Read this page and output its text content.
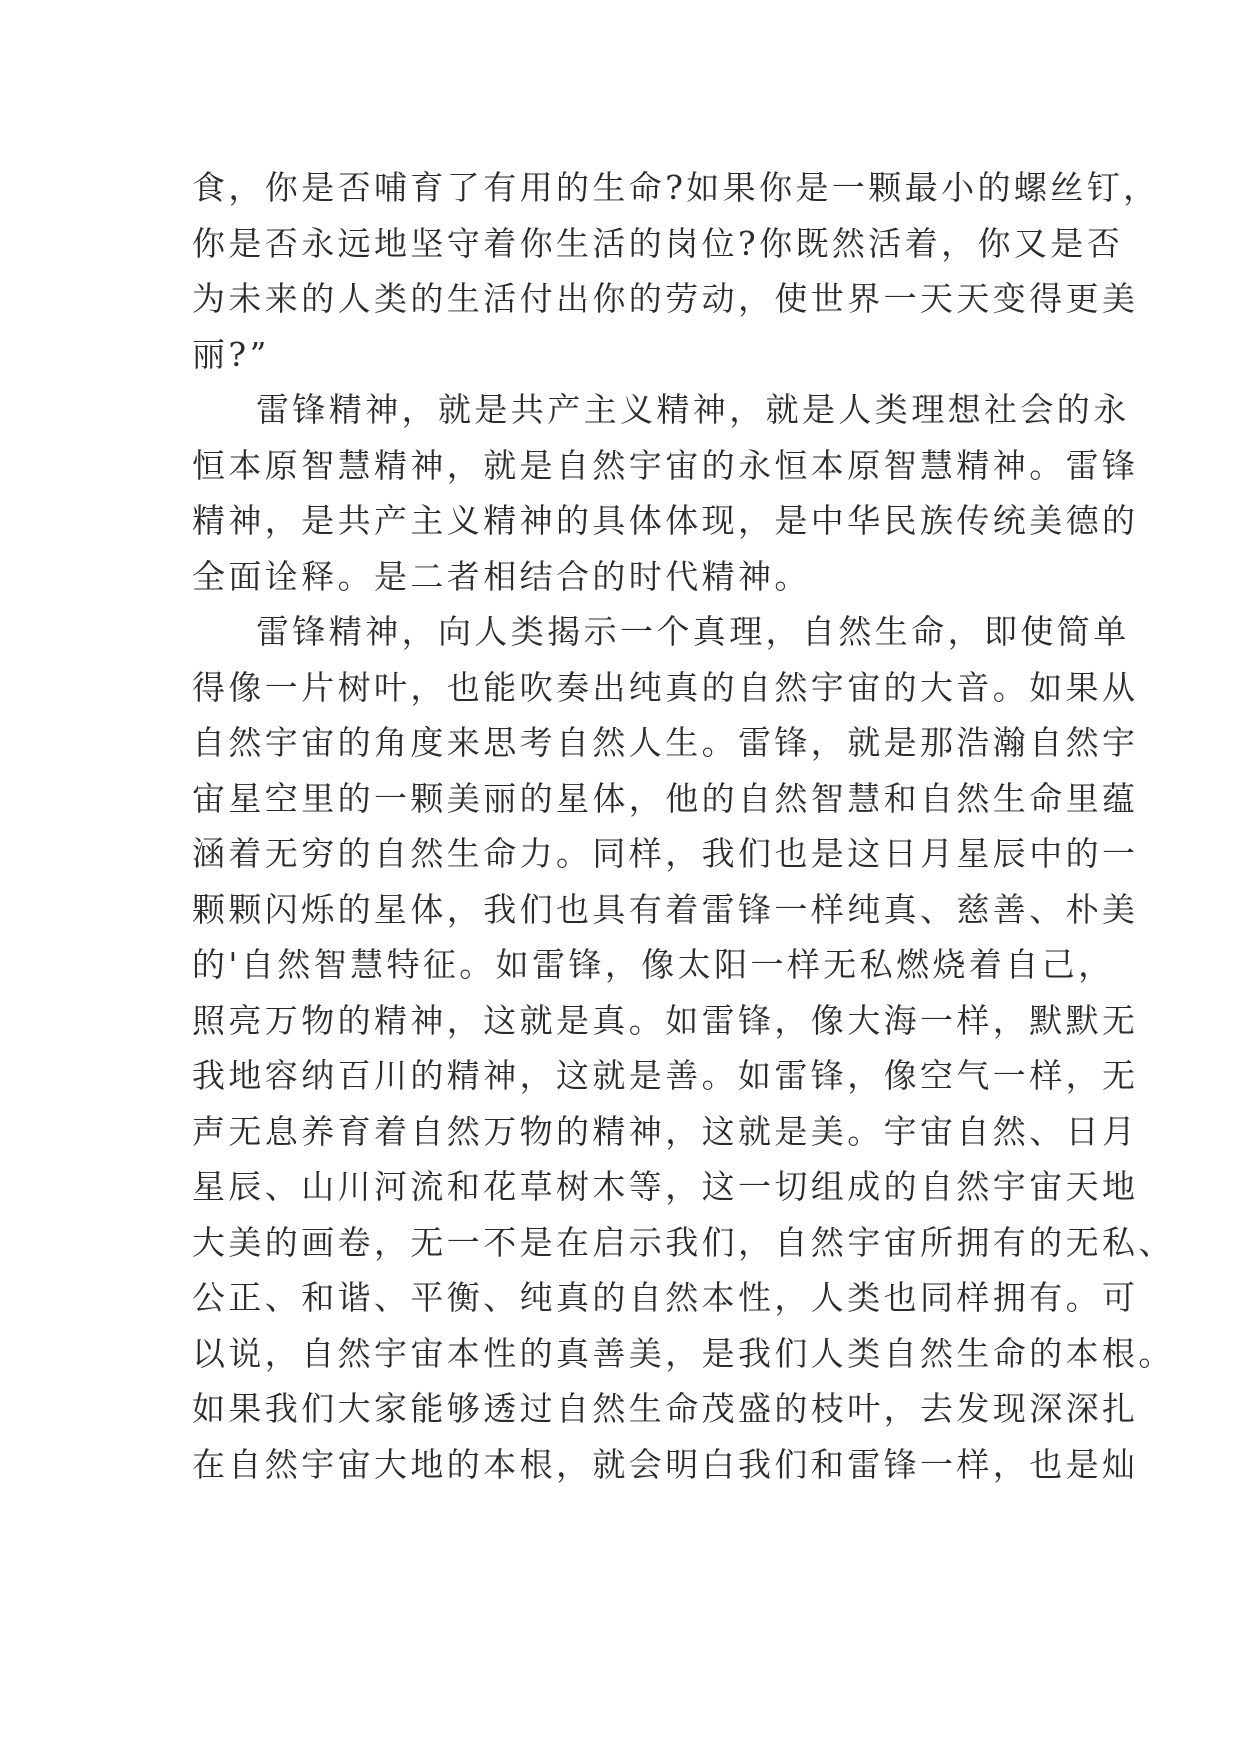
食，你是否哺育了有用的生命?如果你是一颗最小的螺丝钉，
你是否永远地坚守着你生活的岗位?你既然活着，你又是否
为未来的人类的生活付出你的劳动，使世界一天天变得更美
丽?”
雷锋精神，就是共产主义精神，就是人类理想社会的永
恒本原智慧精神，就是自然宇宙的永恒本原智慧精神。雷锋
精神，是共产主义精神的具体体现，是中华民族传统美德的
全面诠释。是二者相结合的时代精神。
雷锋精神，向人类揭示一个真理，自然生命，即使简单
得像一片树叶，也能吹奏出纯真的自然宇宙的大音。如果从
自然宇宙的角度来思考自然人生。雷锋，就是那浩瀚自然宇
宙星空里的一颗美丽的星体，他的自然智慧和自然生命里蕴
涵着无穷的自然生命力。同样，我们也是这日月星辰中的一
颗颗闪烁的星体，我们也具有着雷锋一样纯真、慈善、朴美
的'自然智慧特征。如雷锋，像太阳一样无私燃烧着自己，
照亮万物的精神，这就是真。如雷锋，像大海一样，默默无
我地容纳百川的精神，这就是善。如雷锋，像空气一样，无
声无息养育着自然万物的精神，这就是美。宇宙自然、日月
星辰、山川河流和花草树木等，这一切组成的自然宇宙天地
大美的画卷，无一不是在启示我们，自然宇宙所拥有的无私、
公正、和谐、平衡、纯真的自然本性，人类也同样拥有。可
以说，自然宇宙本性的真善美，是我们人类自然生命的本根。
如果我们大家能够透过自然生命茂盛的枝叶，去发现深深扎
在自然宇宙大地的本根，就会明白我们和雷锋一样，也是灿
